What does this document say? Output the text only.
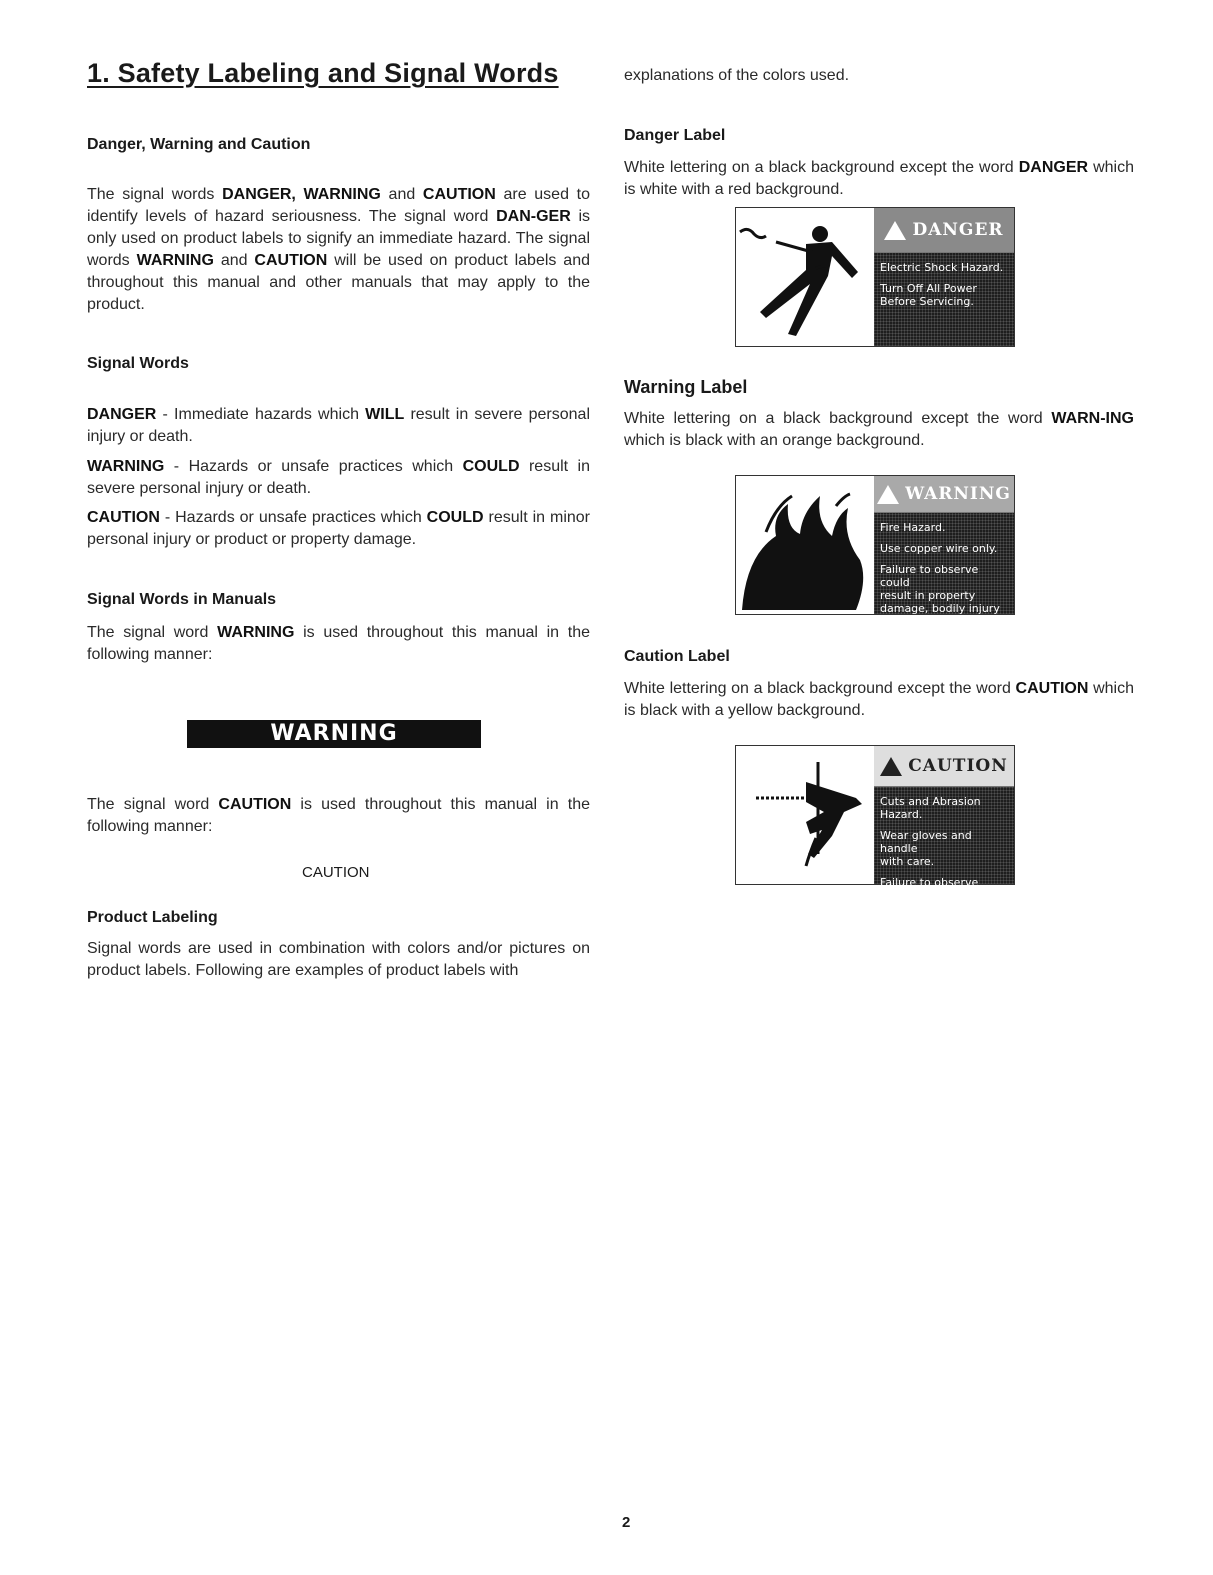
1. Safety Labeling and Signal Words
Danger, Warning and Caution

The signal words DANGER, WARNING and CAUTION are used to identify levels of hazard seriousness. The signal word DAN-GER is only used on product labels to signify an immediate hazard. The signal words WARNING and CAUTION will be used on product labels and throughout this manual and other manuals that may apply to the product.

Signal Words

DANGER - Immediate hazards which WILL result in severe personal injury or death.

WARNING - Hazards or unsafe practices which COULD result in severe personal injury or death.

CAUTION - Hazards or unsafe practices which COULD result in minor personal injury or product or property damage.

Signal Words in Manuals

The signal word WARNING is used throughout this manual in the following manner:

WARNING

The signal word CAUTION is used throughout this manual in the following manner:

CAUTION

Product Labeling

Signal words are used in combination with colors and/or pictures on product labels. Following are examples of product labels with

explanations of the colors used.

Danger Label

White lettering on a black background except the word DANGER which is white with a red background.

DANGER
Electric Shock Hazard.
Turn Off All Power
Before Servicing.
Warning Label

White lettering on a black background except the word WARN-ING which is black with an orange background.

WARNING
Fire Hazard.
Use copper wire only.
Failure to observe could
result in property
damage, bodily injury
or death.
Caution Label

White lettering on a black background except the word CAUTION which is black with a yellow background.

CAUTION
Cuts and Abrasion Hazard.
Wear gloves and handle
with care.
Failure to observe could
result in bodily injury.
2
